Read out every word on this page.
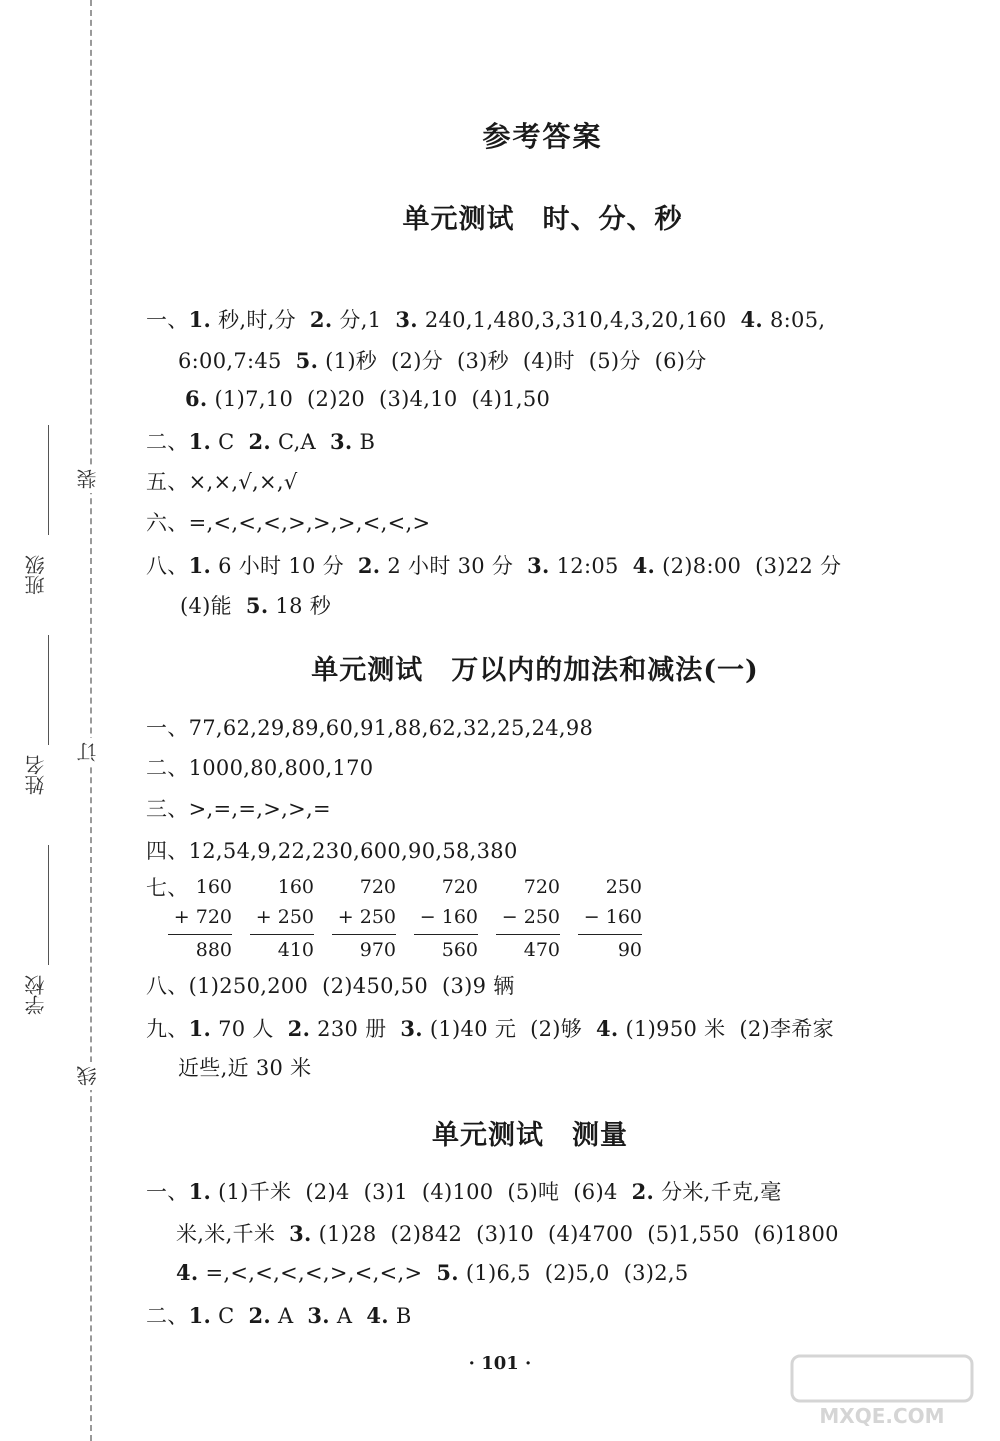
班级
姓名
学校
装
订
线
参考答案
单元测试　时、分、秒
一、1. 秒,时,分  2. 分,1  3. 240,1,480,3,310,4,3,20,160  4. 8:05,
6:00,7:45  5. (1)秒  (2)分  (3)秒  (4)时  (5)分  (6)分
6. (1)7,10  (2)20  (3)4,10  (4)1,50
二、1. C  2. C,A  3. B
五、×,×,√,×,√
六、=,<,<,<,>,>,>,<,<,>
八、1. 6 小时 10 分  2. 2 小时 30 分  3. 12:05  4. (2)8:00  (3)22 分
(4)能  5. 18 秒
单元测试　万以内的加法和减法(一)
一、77,62,29,89,60,91,88,62,32,25,24,98
二、1000,80,800,170
三、>,=,=,>,>,=
四、12,54,9,22,230,600,90,58,380
七、
八、(1)250,200  (2)450,50  (3)9 辆
九、1. 70 人  2. 230 册  3. (1)40 元  (2)够  4. (1)950 米  (2)李希家
近些,近 30 米
160
+ 720
880
160
+ 250
410
720
+ 250
970
720
− 160
560
720
− 250
470
250
− 160
90
单元测试　测量
一、1. (1)千米  (2)4  (3)1  (4)100  (5)吨  (6)4  2. 分米,千克,毫
米,米,千米  3. (1)28  (2)842  (3)10  (4)4700  (5)1,550  (6)1800
4. =,<,<,<,<,>,<,<,>  5. (1)6,5  (2)5,0  (3)2,5
二、1. C  2. A  3. A  4. B
· 101 ·
MXQE.COM
